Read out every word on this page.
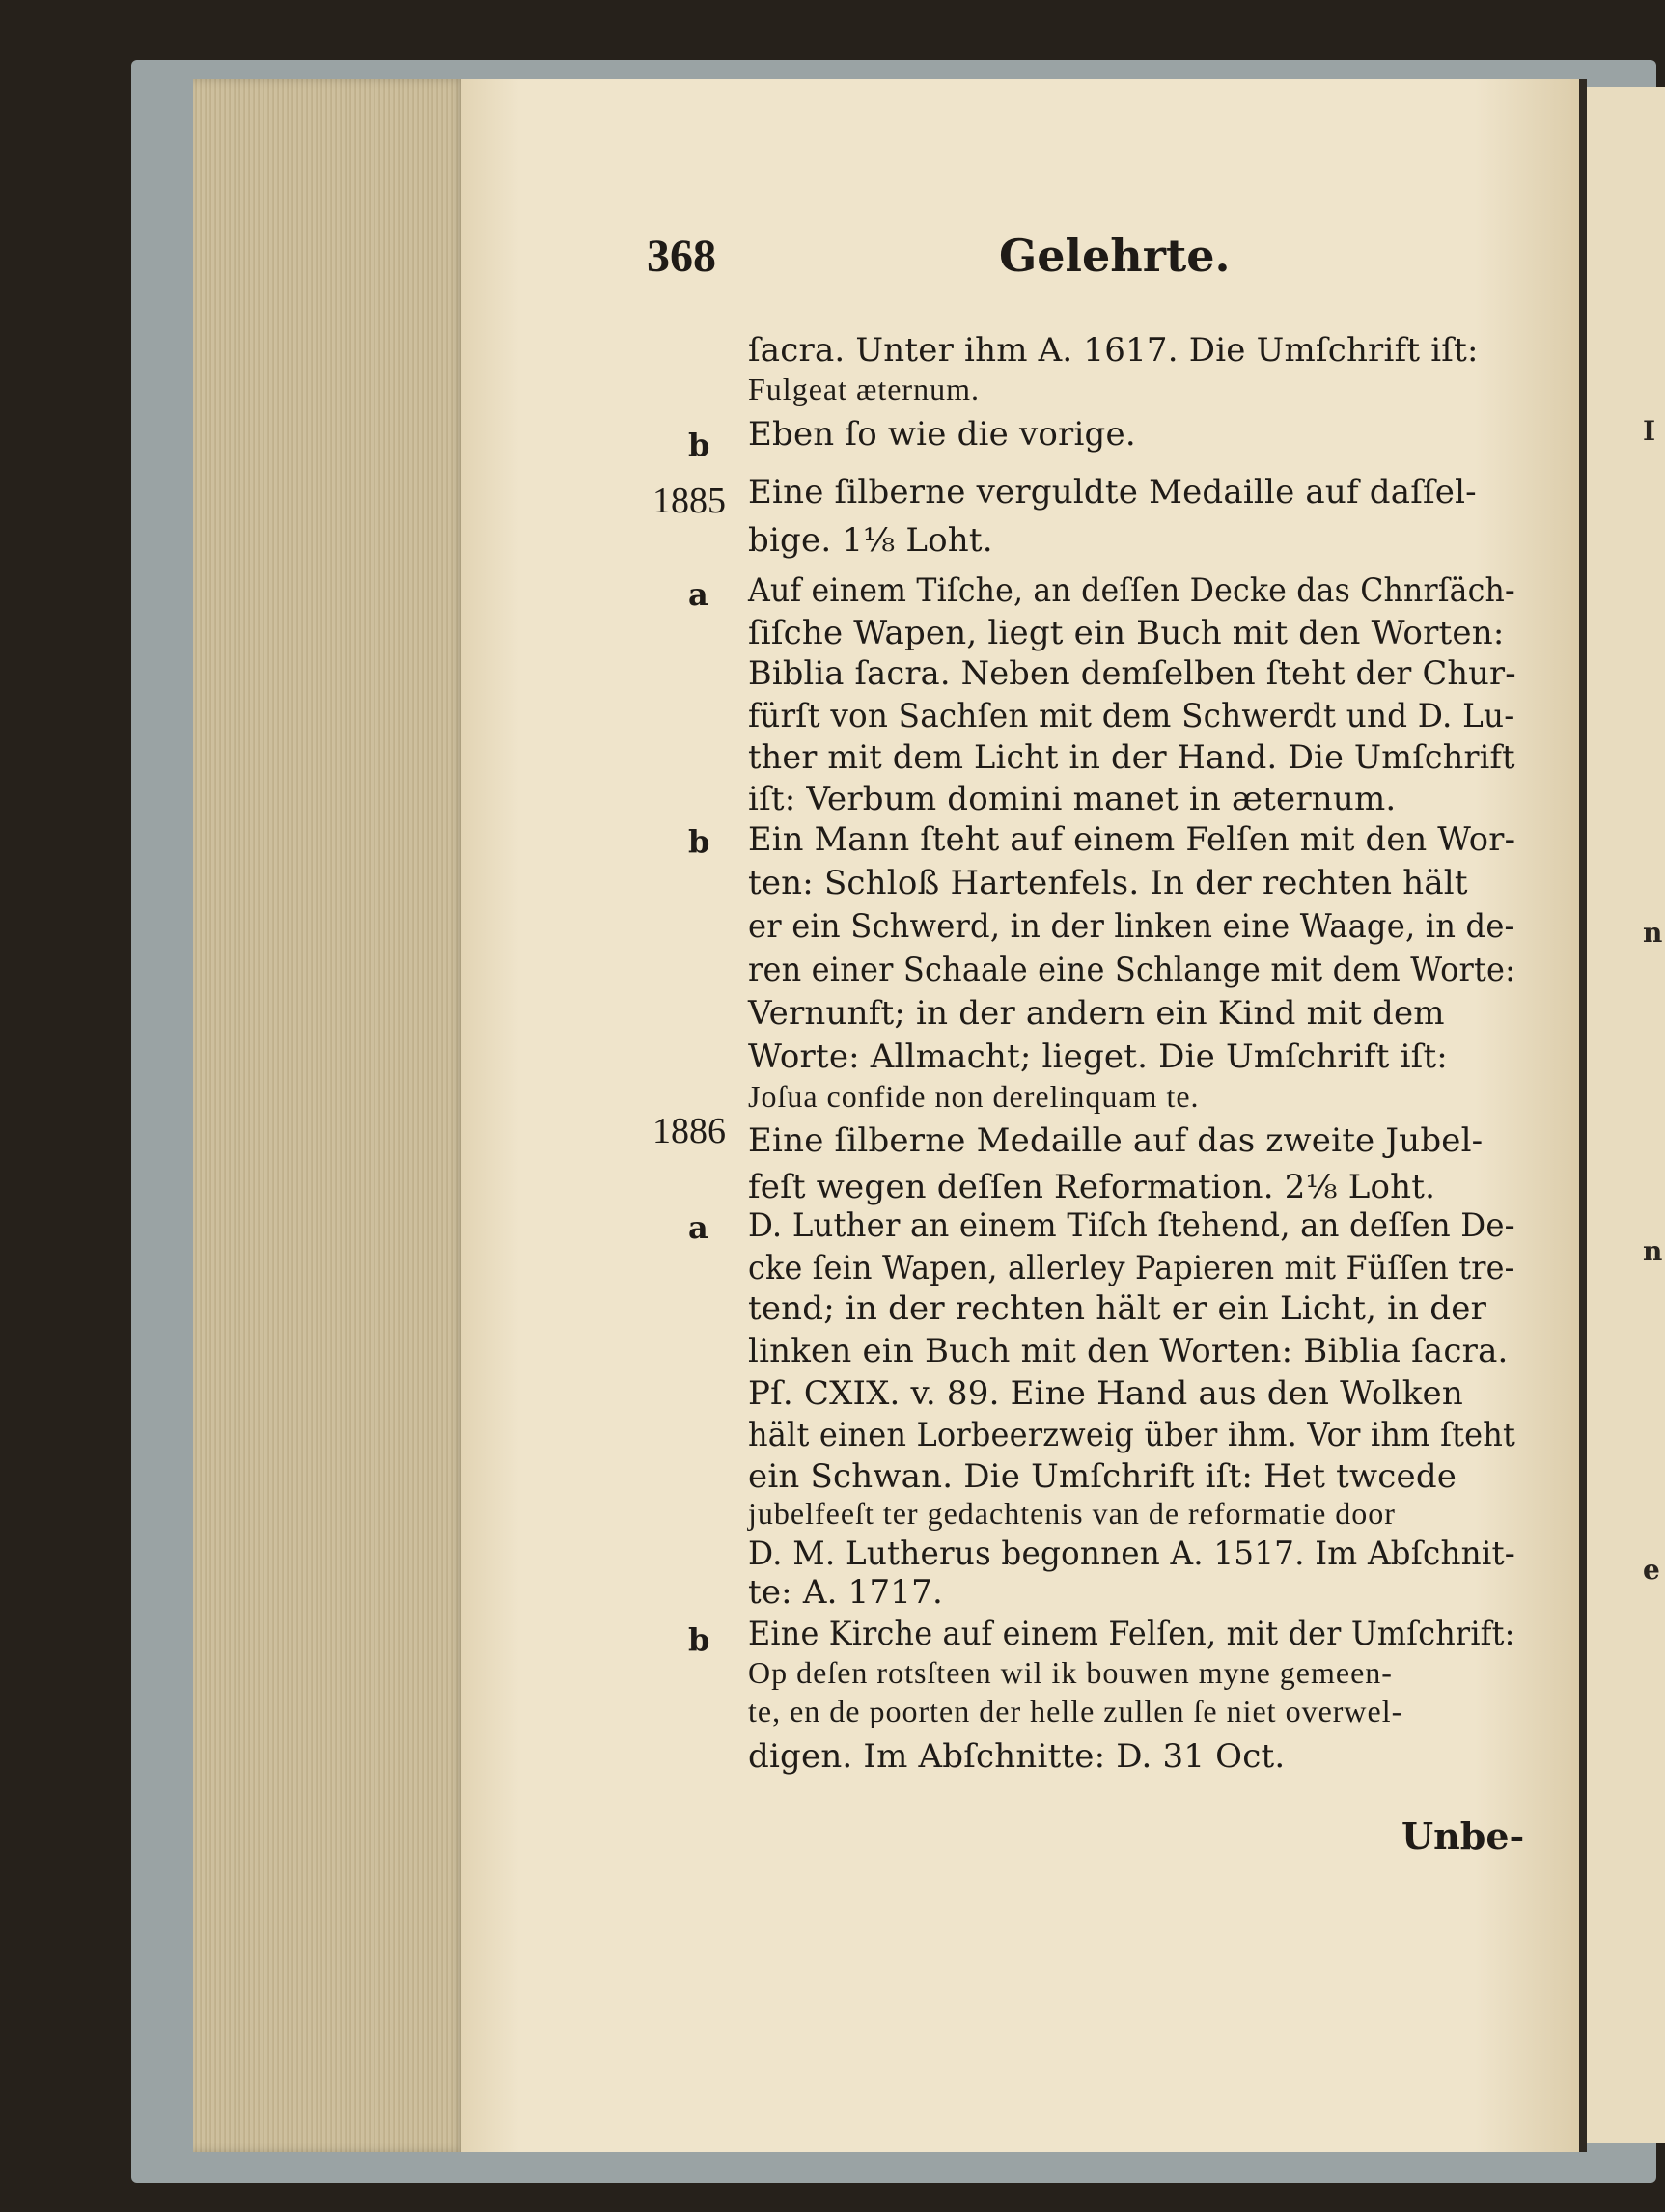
ſacra. Unter ihm A. 1617. Die Umſchrift iſt:
Fulgeat æternum.
Eben ſo wie die vorige.
Eine ſilberne verguldte Medaille auf daſſel-
bige. 1⅛ Loht.
Auf einem Tiſche, an deſſen Decke das Chnrſäch-
ſiſche Wapen, liegt ein Buch mit den Worten:
Biblia ſacra. Neben demſelben ſteht der Chur-
fürſt von Sachſen mit dem Schwerdt und D. Lu-
ther mit dem Licht in der Hand. Die Umſchrift
iſt: Verbum domini manet in æternum.
Ein Mann ſteht auf einem Felſen mit den Wor-
ten: Schloß Hartenfels. In der rechten hält
er ein Schwerd, in der linken eine Waage, in de-
ren einer Schaale eine Schlange mit dem Worte:
Vernunft; in der andern ein Kind mit dem
Worte: Allmacht; lieget. Die Umſchrift iſt:
Joſua confide non derelinquam te.
Eine ſilberne Medaille auf das zweite Jubel-
feſt wegen deſſen Reformation. 2⅛ Loht.
D. Luther an einem Tiſch ſtehend, an deſſen De-
cke ſein Wapen, allerley Papieren mit Füſſen tre-
tend; in der rechten hält er ein Licht, in der
linken ein Buch mit den Worten: Biblia ſacra.
Pſ. CXIX. v. 89. Eine Hand aus den Wolken
hält einen Lorbeerzweig über ihm. Vor ihm ſteht
ein Schwan. Die Umſchrift iſt: Het twcede
jubelfeeſt ter gedachtenis van de reformatie door
D. M. Lutherus begonnen A. 1517. Im Abſchnit-
te: A. 1717.
Eine Kirche auf einem Felſen, mit der Umſchrift:
Op deſen rotsſteen wil ik bouwen myne gemeen-
te, en de poorten der helle zullen ſe niet overwel-
digen. Im Abſchnitte: D. 31 Oct.
I
n
n
e
368	Gelehrte.
b
1885
a
b
1886
a
b
Unbe-
